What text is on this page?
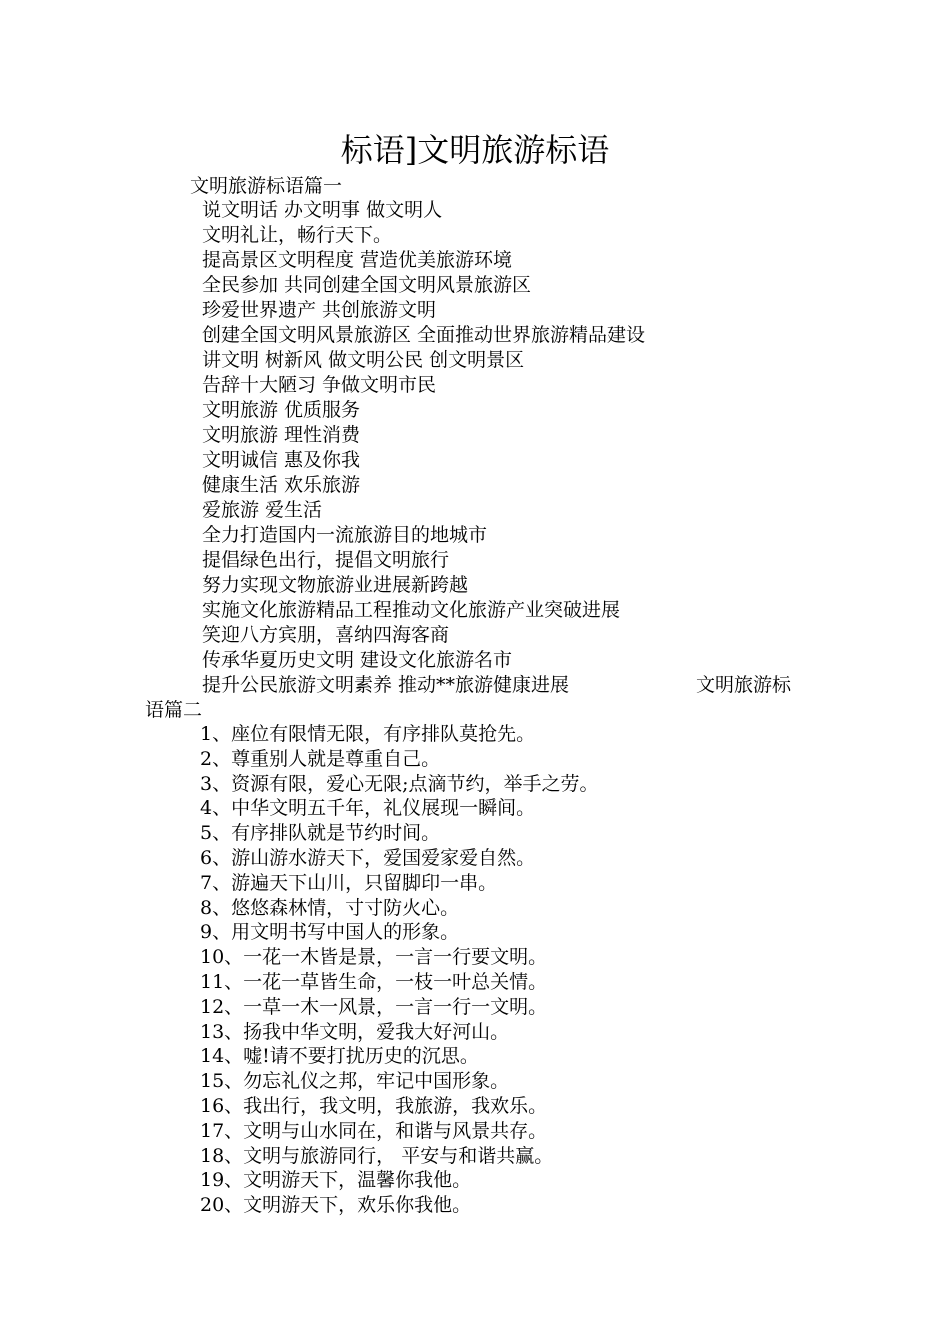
标语]文明旅游标语
文明旅游标语篇一
说文明话 办文明事 做文明人
文明礼让，畅行天下。
提高景区文明程度 营造优美旅游环境
全民参加 共同创建全国文明风景旅游区
珍爱世界遗产 共创旅游文明
创建全国文明风景旅游区 全面推动世界旅游精品建设
讲文明 树新风 做文明公民 创文明景区
告辞十大陋习 争做文明市民
文明旅游 优质服务
文明旅游 理性消费
文明诚信 惠及你我
健康生活 欢乐旅游
爱旅游 爱生活
全力打造国内一流旅游目的地城市
提倡绿色出行，提倡文明旅行
努力实现文物旅游业进展新跨越
实施文化旅游精品工程推动文化旅游产业突破进展
笑迎八方宾朋，喜纳四海客商
传承华夏历史文明 建设文化旅游名市
提升公民旅游文明素养 推动**旅游健康进展	文明旅游标
语篇二
1、座位有限情无限，有序排队莫抢先。
2、尊重别人就是尊重自己。
3、资源有限，爱心无限;点滴节约，举手之劳。
4、中华文明五千年，礼仪展现一瞬间。
5、有序排队就是节约时间。
6、游山游水游天下，爱国爱家爱自然。
7、游遍天下山川，只留脚印一串。
8、悠悠森林情，寸寸防火心。
9、用文明书写中国人的形象。
10、一花一木皆是景，一言一行要文明。
11、一花一草皆生命，一枝一叶总关情。
12、一草一木一风景，一言一行一文明。
13、扬我中华文明，爱我大好河山。
14、嘘!请不要打扰历史的沉思。
15、勿忘礼仪之邦，牢记中国形象。
16、我出行，我文明，我旅游，我欢乐。
17、文明与山水同在，和谐与风景共存。
18、文明与旅游同行， 平安与和谐共赢。
19、文明游天下，温馨你我他。
20、文明游天下，欢乐你我他。
